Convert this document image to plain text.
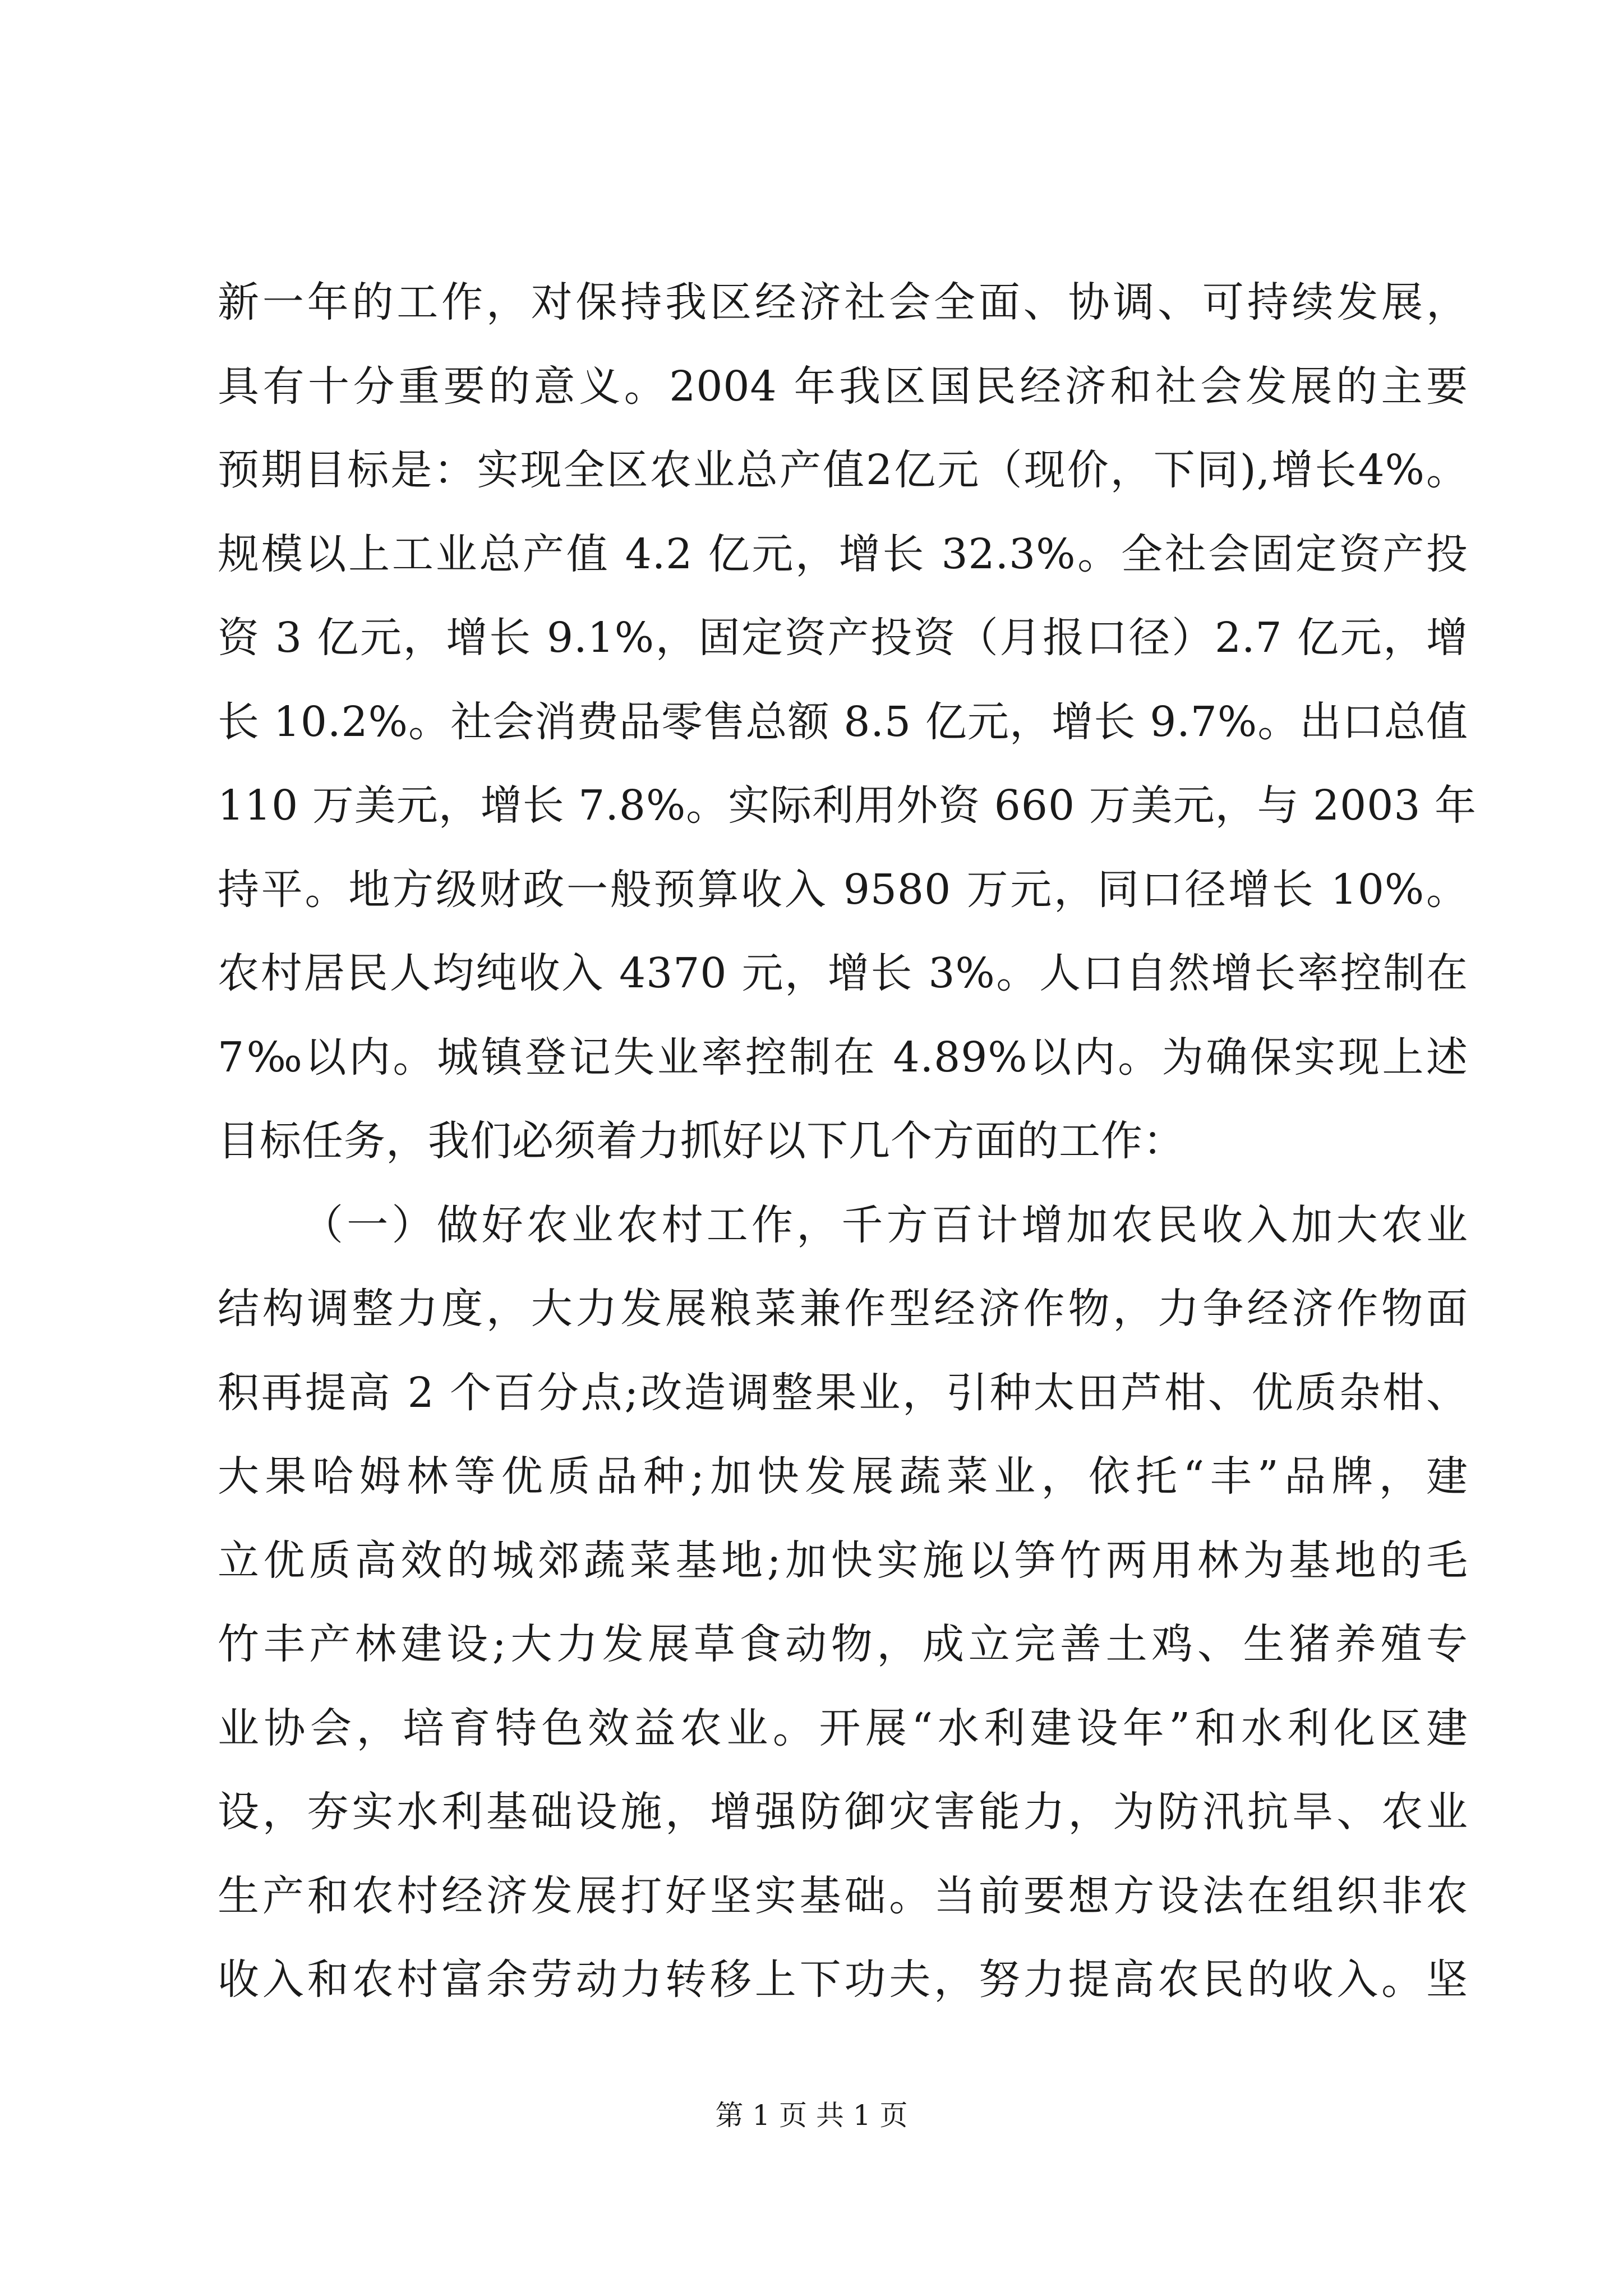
新一年的工作，对保持我区经济社会全面、协调、可持续发展，
具有十分重要的意义。2004 年我区国民经济和社会发展的主要
预期目标是：实现全区农业总产值2亿元（现价，下同),增长4%。
规模以上工业总产值 4.2 亿元，增长 32.3%。全社会固定资产投
资 3 亿元，增长 9.1%，固定资产投资（月报口径）2.7 亿元，增
长 10.2%。社会消费品零售总额 8.5 亿元，增长 9.7%。出口总值
110 万美元，增长 7.8%。实际利用外资 660 万美元，与 2003 年
持平。地方级财政一般预算收入 9580 万元，同口径增长 10%。
农村居民人均纯收入 4370 元，增长 3%。人口自然增长率控制在
7‰以内。城镇登记失业率控制在 4.89%以内。为确保实现上述
目标任务，我们必须着力抓好以下几个方面的工作：
（一）做好农业农村工作，千方百计增加农民收入加大农业
结构调整力度，大力发展粮菜兼作型经济作物，力争经济作物面
积再提高 2 个百分点;改造调整果业，引种太田芦柑、优质杂柑、
大果哈姆林等优质品种;加快发展蔬菜业，依托“丰”品牌，建
立优质高效的城郊蔬菜基地;加快实施以笋竹两用林为基地的毛
竹丰产林建设;大力发展草食动物，成立完善土鸡、生猪养殖专
业协会，培育特色效益农业。开展“水利建设年”和水利化区建
设，夯实水利基础设施，增强防御灾害能力，为防汛抗旱、农业
生产和农村经济发展打好坚实基础。当前要想方设法在组织非农
收入和农村富余劳动力转移上下功夫，努力提高农民的收入。坚
第 1 页 共 1 页
